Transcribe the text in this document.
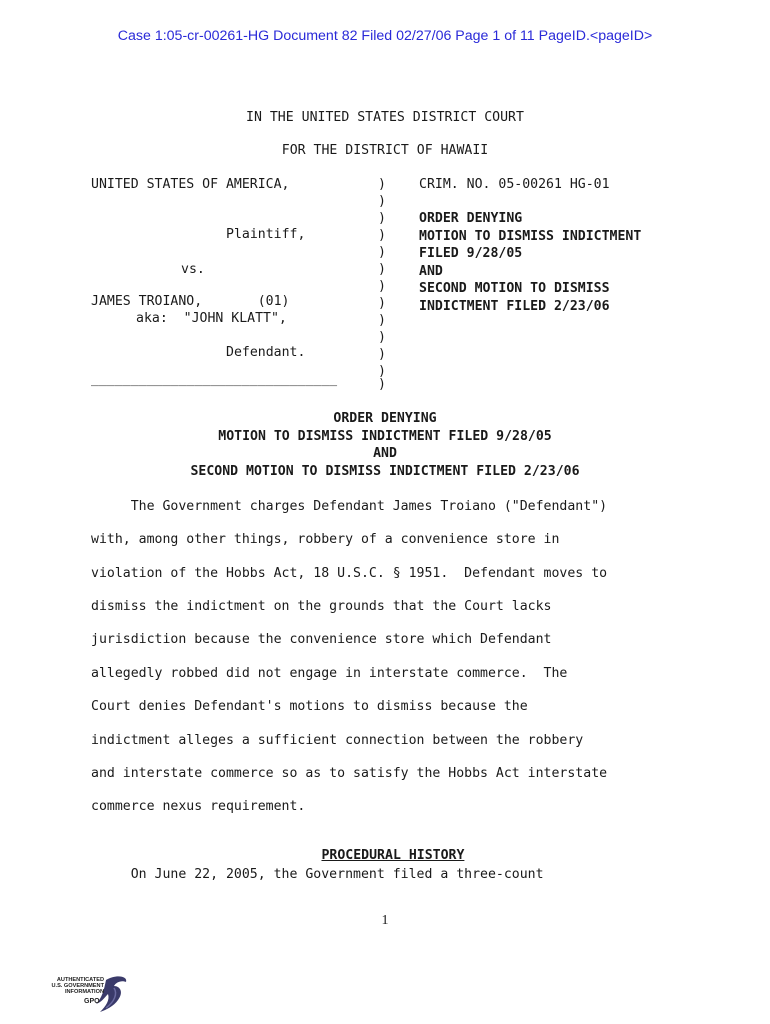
Case 1:05-cr-00261-HG Document 82 Filed 02/27/06 Page 1 of 11 PageID.<pageID>
IN THE UNITED STATES DISTRICT COURT
FOR THE DISTRICT OF HAWAII
UNITED STATES OF AMERICA,
Plaintiff,
vs.
JAMES TROIANO,       (01)
aka:  "JOHN KLATT",
Defendant.
_______________________________
)
)
)
)
)
)
)
)
)
)
)
)
)
CRIM. NO. 05-00261 HG-01
ORDER DENYING
MOTION TO DISMISS INDICTMENT
FILED 9/28/05
AND
SECOND MOTION TO DISMISS
INDICTMENT FILED 2/23/06
ORDER DENYING
MOTION TO DISMISS INDICTMENT FILED 9/28/05
AND
SECOND MOTION TO DISMISS INDICTMENT FILED 2/23/06
The Government charges Defendant James Troiano ("Defendant")
with, among other things, robbery of a convenience store in
violation of the Hobbs Act, 18 U.S.C. § 1951.  Defendant moves to
dismiss the indictment on the grounds that the Court lacks
jurisdiction because the convenience store which Defendant
allegedly robbed did not engage in interstate commerce.  The
Court denies Defendant's motions to dismiss because the
indictment alleges a sufficient connection between the robbery
and interstate commerce so as to satisfy the Hobbs Act interstate
commerce nexus requirement.

PROCEDURAL HISTORY

On June 22, 2005, the Government filed a three-count
1
AUTHENTICATED
U.S. GOVERNMENT
INFORMATION
GPO
